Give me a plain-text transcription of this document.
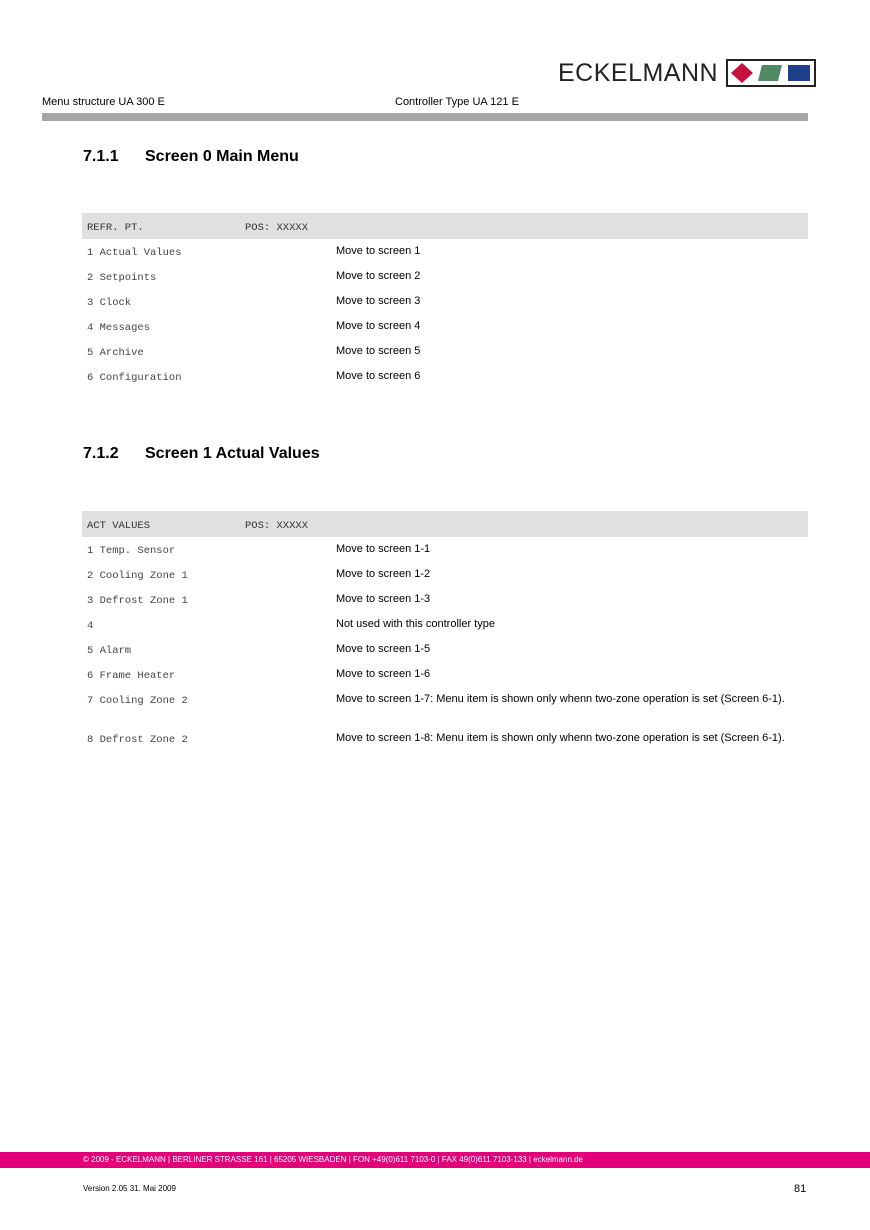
ECKELMANN
Menu structure UA 300 E	Controller Type UA 121 E
7.1.1 Screen 0 Main Menu
REFR. PT.	POS: XXXXX
1 Actual Values	Move to screen 1
2 Setpoints	Move to screen 2
3 Clock	Move to screen 3
4 Messages	Move to screen 4
5 Archive	Move to screen 5
6 Configuration	Move to screen 6
7.1.2 Screen 1 Actual Values
ACT VALUES	POS: XXXXX
1 Temp. Sensor	Move to screen 1-1
2 Cooling Zone 1	Move to screen 1-2
3 Defrost Zone 1	Move to screen 1-3
4	Not used with this controller type
5 Alarm	Move to screen 1-5
6 Frame Heater	Move to screen 1-6
7 Cooling Zone 2	Move to screen 1-7: Menu item is shown only whenn two-zone operation is set (Screen 6-1).
8 Defrost Zone 2	Move to screen 1-8: Menu item is shown only whenn two-zone operation is set (Screen 6-1).
© 2009 - ECKELMANN | BERLINER STRASSE 161 | 65205 WIESBADEN | FON +49(0)611 7103-0 | FAX 49(0)611 7103-133 | eckelmann.de
Version 2.05 31. Mai 2009	81
